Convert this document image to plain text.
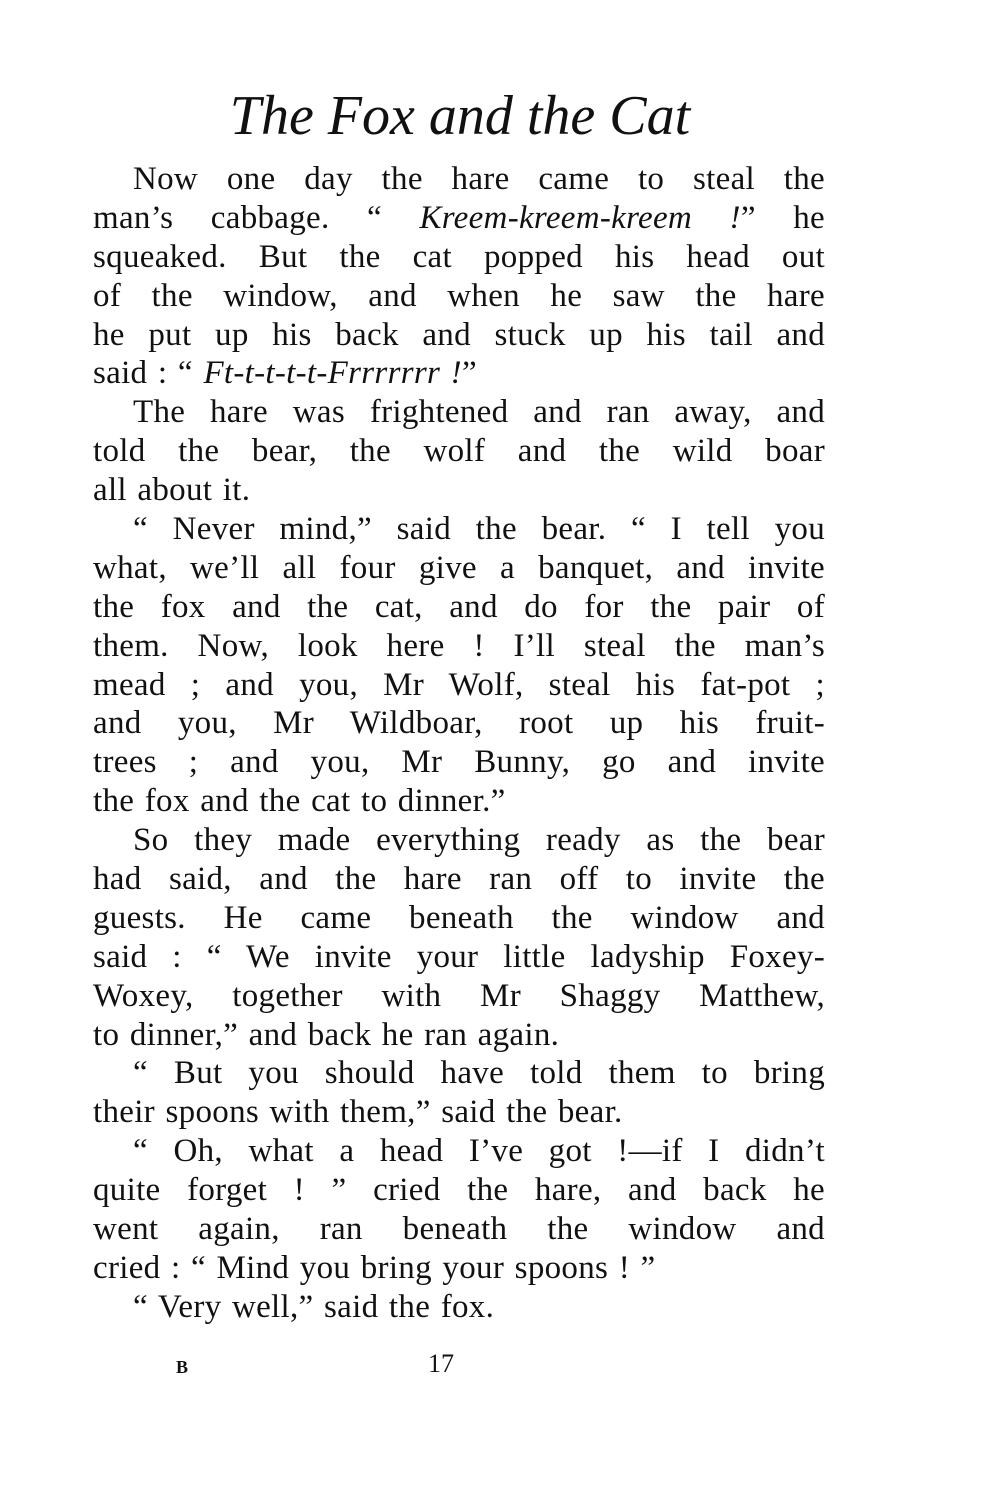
The Fox and the Cat
Now one day the hare came to steal the
man’s cabbage. “ Kreem-kreem-kreem !” he
squeaked. But the cat popped his head out
of the window, and when he saw the hare
he put up his back and stuck up his tail and
said : “ Ft-t-t-t-t-Frrrrrrr !”
The hare was frightened and ran away, and
told the bear, the wolf and the wild boar
all about it.
“ Never mind,” said the bear. “ I tell you
what, we’ll all four give a banquet, and invite
the fox and the cat, and do for the pair of
them. Now, look here ! I’ll steal the man’s
mead ; and you, Mr Wolf, steal his fat-pot ;
and you, Mr Wildboar, root up his fruit-
trees ; and you, Mr Bunny, go and invite
the fox and the cat to dinner.”
So they made everything ready as the bear
had said, and the hare ran off to invite the
guests. He came beneath the window and
said : “ We invite your little ladyship Foxey-
Woxey, together with Mr Shaggy Matthew,
to dinner,” and back he ran again.
“ But you should have told them to bring
their spoons with them,” said the bear.
“ Oh, what a head I’ve got !—if I didn’t
quite forget ! ” cried the hare, and back he
went again, ran beneath the window and
cried : “ Mind you bring your spoons ! ”
“ Very well,” said the fox.
B	17
